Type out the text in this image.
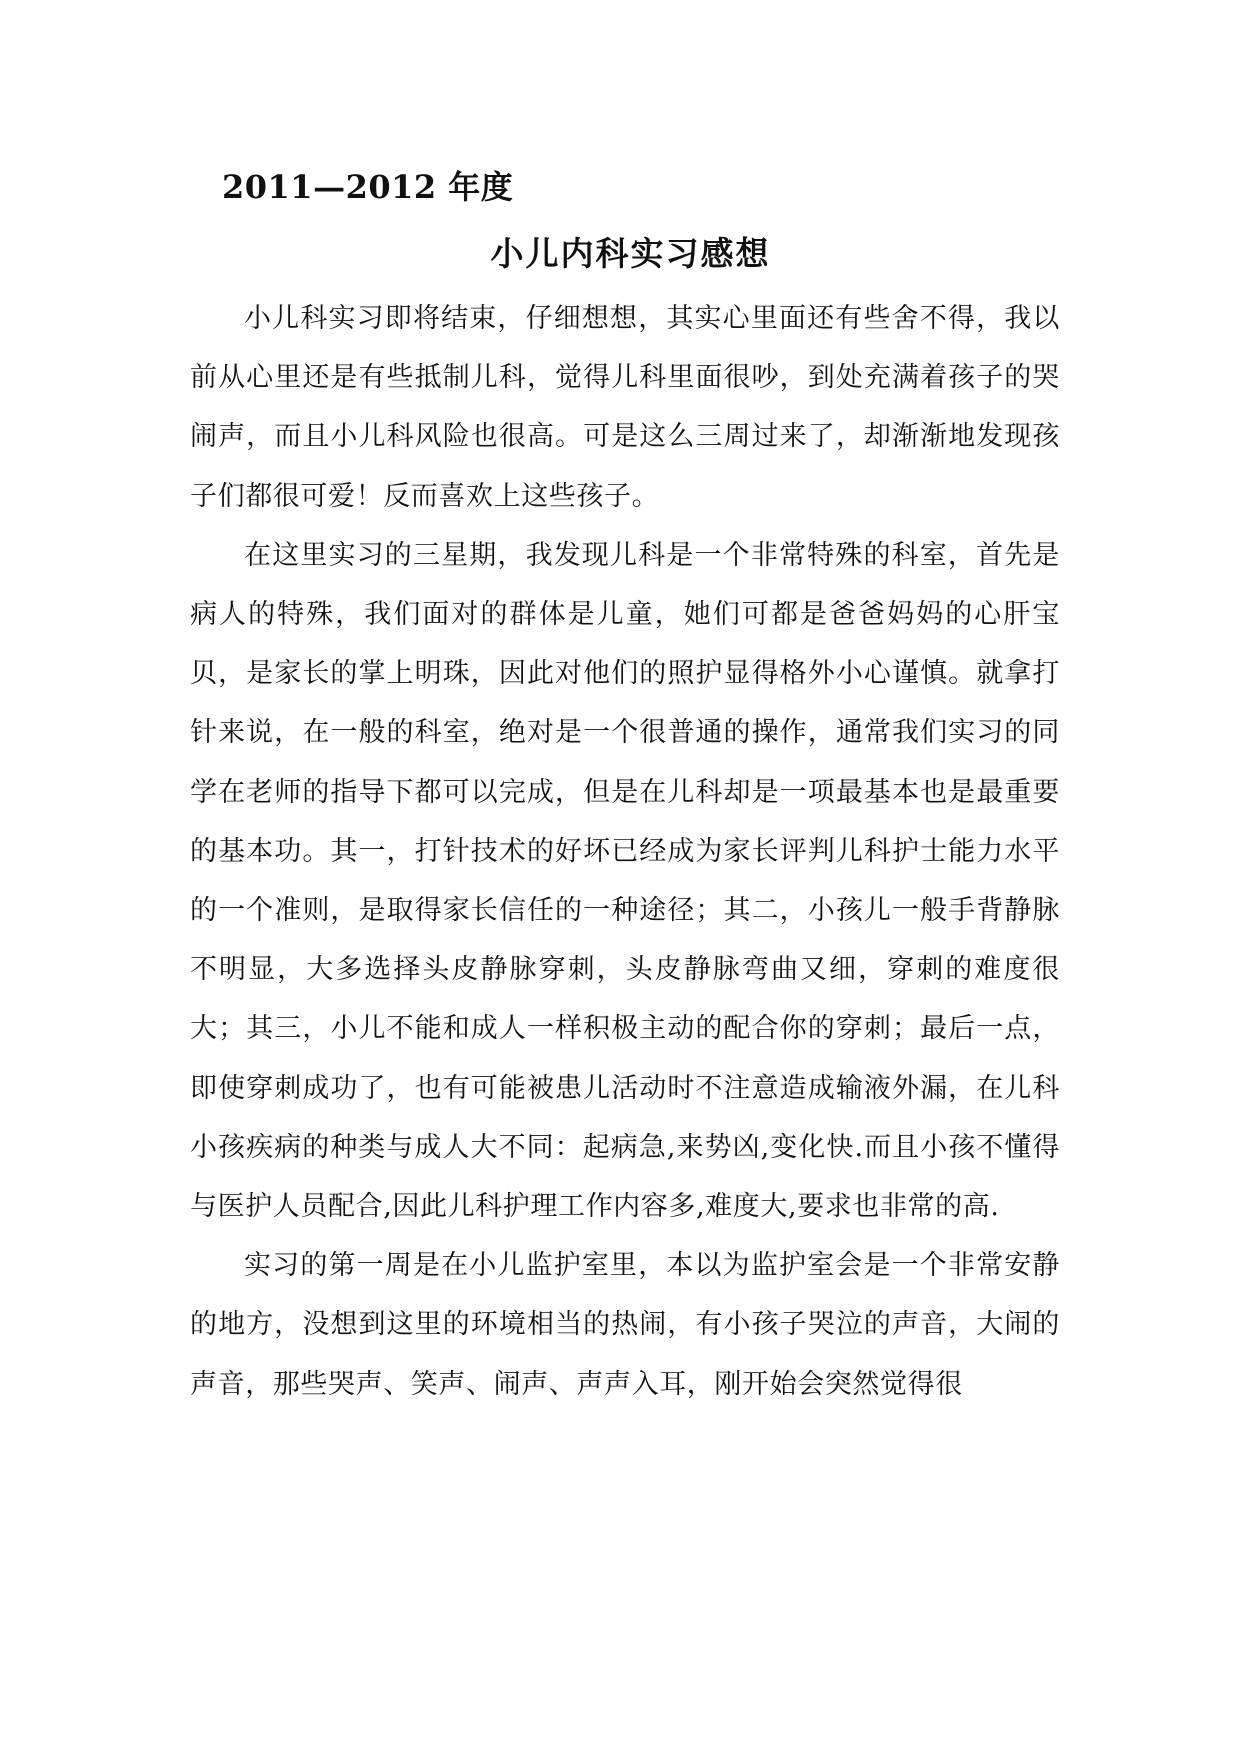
2011—2012 年度
小儿内科实习感想

小儿科实习即将结束，仔细想想，其实心里面还有些舍不得，我以前从心里还是有些抵制儿科，觉得儿科里面很吵，到处充满着孩子的哭闹声，而且小儿科风险也很高。可是这么三周过来了，却渐渐地发现孩子们都很可爱！反而喜欢上这些孩子。

在这里实习的三星期，我发现儿科是一个非常特殊的科室，首先是病人的特殊，我们面对的群体是儿童，她们可都是爸爸妈妈的心肝宝贝，是家长的掌上明珠，因此对他们的照护显得格外小心谨慎。就拿打针来说，在一般的科室，绝对是一个很普通的操作，通常我们实习的同学在老师的指导下都可以完成，但是在儿科却是一项最基本也是最重要的基本功。其一，打针技术的好坏已经成为家长评判儿科护士能力水平的一个准则，是取得家长信任的一种途径；其二，小孩儿一般手背静脉不明显，大多选择头皮静脉穿刺，头皮静脉弯曲又细，穿刺的难度很大；其三，小儿不能和成人一样积极主动的配合你的穿刺；最后一点，即使穿刺成功了，也有可能被患儿活动时不注意造成输液外漏，在儿科小孩疾病的种类与成人大不同：起病急,来势凶,变化快.而且小孩不懂得与医护人员配合,因此儿科护理工作内容多,难度大,要求也非常的高.

实习的第一周是在小儿监护室里，本以为监护室会是一个非常安静的地方，没想到这里的环境相当的热闹，有小孩子哭泣的声音，大闹的声音，那些哭声、笑声、闹声、声声入耳，刚开始会突然觉得很
